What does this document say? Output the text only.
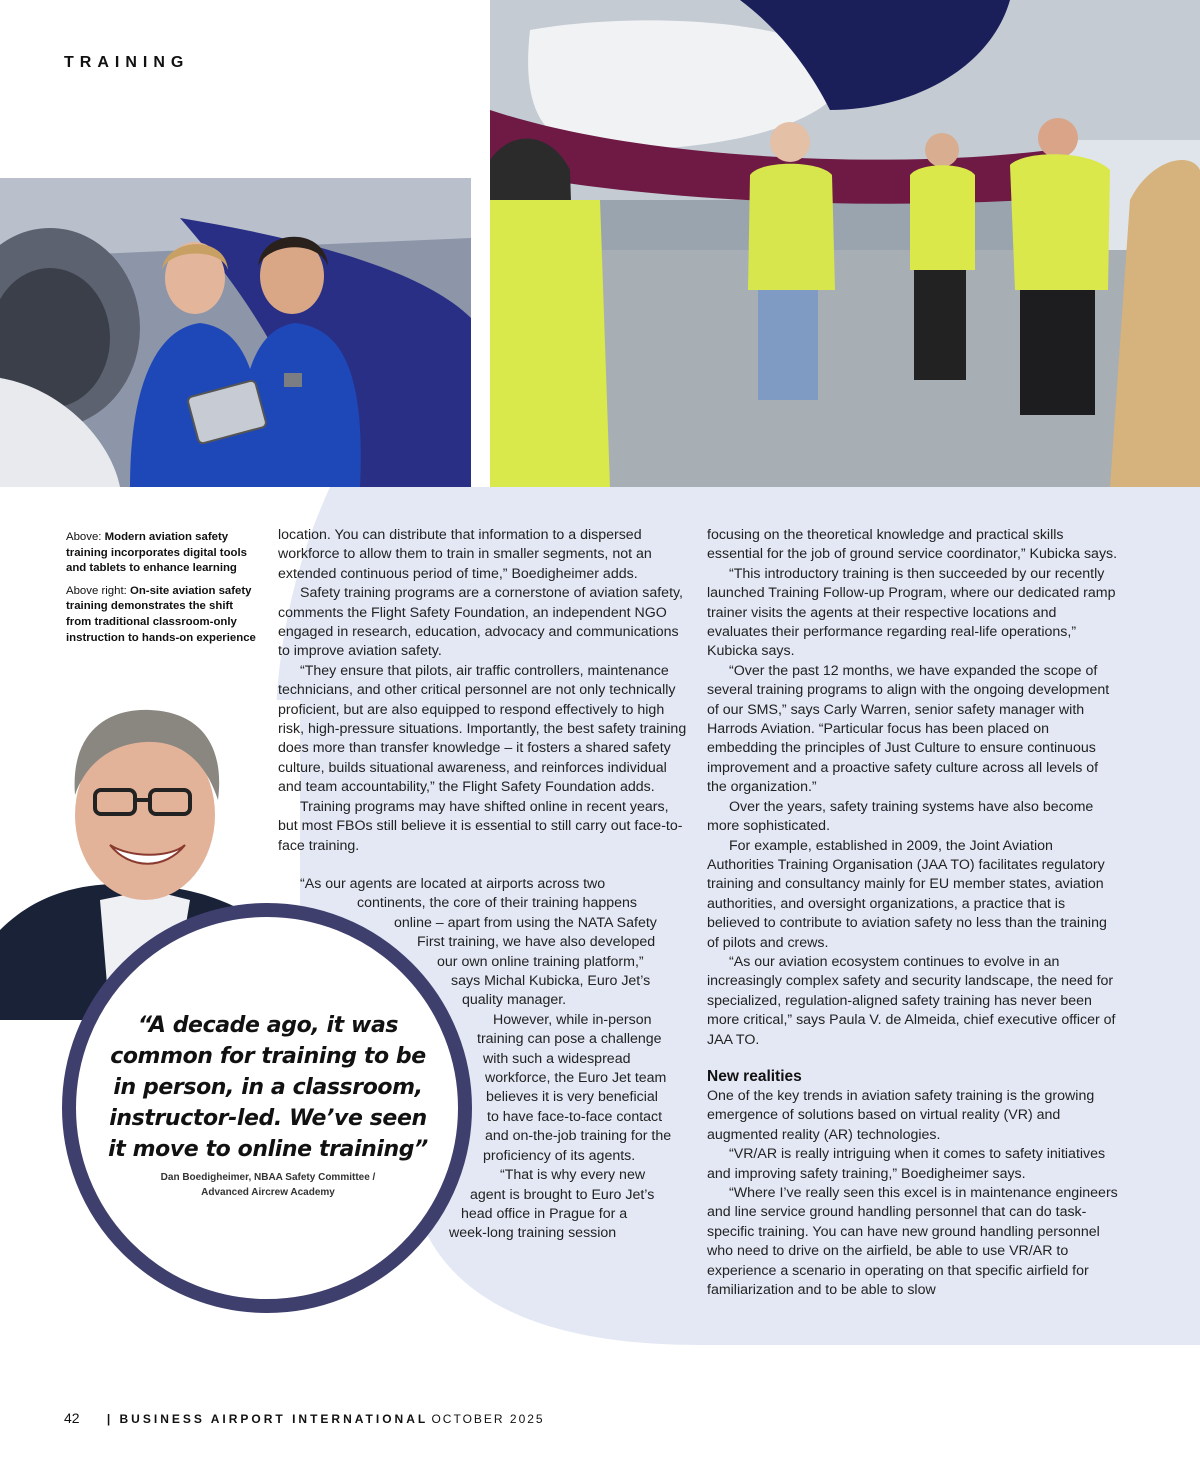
TRAINING

Above: Modern aviation safety training incorporates digital tools and tablets to enhance learning

Above right: On-site aviation safety training demonstrates the shift from traditional classroom-only instruction to hands-on experience

location. You can distribute that information to a dispersed workforce to allow them to train in smaller segments, not an extended continuous period of time,” Boedigheimer adds.

Safety training programs are a cornerstone of aviation safety, comments the Flight Safety Foundation, an independent NGO engaged in research, education, advocacy and communications to improve aviation safety.

“They ensure that pilots, air traffic controllers, maintenance technicians, and other critical personnel are not only technically proficient, but are also equipped to respond effectively to high risk, high-pressure situations. Importantly, the best safety training does more than transfer knowledge – it fosters a shared safety culture, builds situational awareness, and reinforces individual and team accountability,” the Flight Safety Foundation adds.

Training programs may have shifted online in recent years, but most FBOs still believe it is essential to still carry out face-to-face training.

“A decade ago, it was common for training to be in person, in a classroom, instructor-led. We’ve seen it move to online training”
Dan Boedigheimer, NBAA Safety Committee /
Advanced Aircrew Academy
“As our agents are located at airports across two
continents, the core of their training happens
online – apart from using the NATA Safety
First training, we have also developed
our own online training platform,”
says Michal Kubicka, Euro Jet’s
quality manager.
However, while in-person
training can pose a challenge
with such a widespread
workforce, the Euro Jet team
believes it is very beneficial
to have face-to-face contact
and on-the-job training for the
proficiency of its agents.
“That is why every new
agent is brought to Euro Jet’s
head office in Prague for a
week-long training session

focusing on the theoretical knowledge and practical skills essential for the job of ground service coordinator,” Kubicka says.

“This introductory training is then succeeded by our recently launched Training Follow-up Program, where our dedicated ramp trainer visits the agents at their respective locations and evaluates their performance regarding real-life operations,” Kubicka says.

“Over the past 12 months, we have expanded the scope of several training programs to align with the ongoing development of our SMS,” says Carly Warren, senior safety manager with Harrods Aviation. “Particular focus has been placed on embedding the principles of Just Culture to ensure continuous improvement and a proactive safety culture across all levels of the organization.”

Over the years, safety training systems have also become more sophisticated.

For example, established in 2009, the Joint Aviation Authorities Training Organisation (JAA TO) facilitates regulatory training and consultancy mainly for EU member states, aviation authorities, and oversight organizations, a practice that is believed to contribute to aviation safety no less than the training of pilots and crews.

“As our aviation ecosystem continues to evolve in an increasingly complex safety and security landscape, the need for specialized, regulation-aligned safety training has never been more critical,” says Paula V. de Almeida, chief executive officer of JAA TO.

New realities

One of the key trends in aviation safety training is the growing emergence of solutions based on virtual reality (VR) and augmented reality (AR) technologies.

“VR/AR is really intriguing when it comes to safety initiatives and improving safety training,” Boedigheimer says.

“Where I’ve really seen this excel is in maintenance engineers and line service ground handling personnel that can do task-specific training. You can have new ground handling personnel who need to drive on the airfield, be able to use VR/AR to experience a scenario in operating on that specific airfield for familiarization and to be able to slow

42 | BUSINESS AIRPORT INTERNATIONAL OCTOBER 2025
